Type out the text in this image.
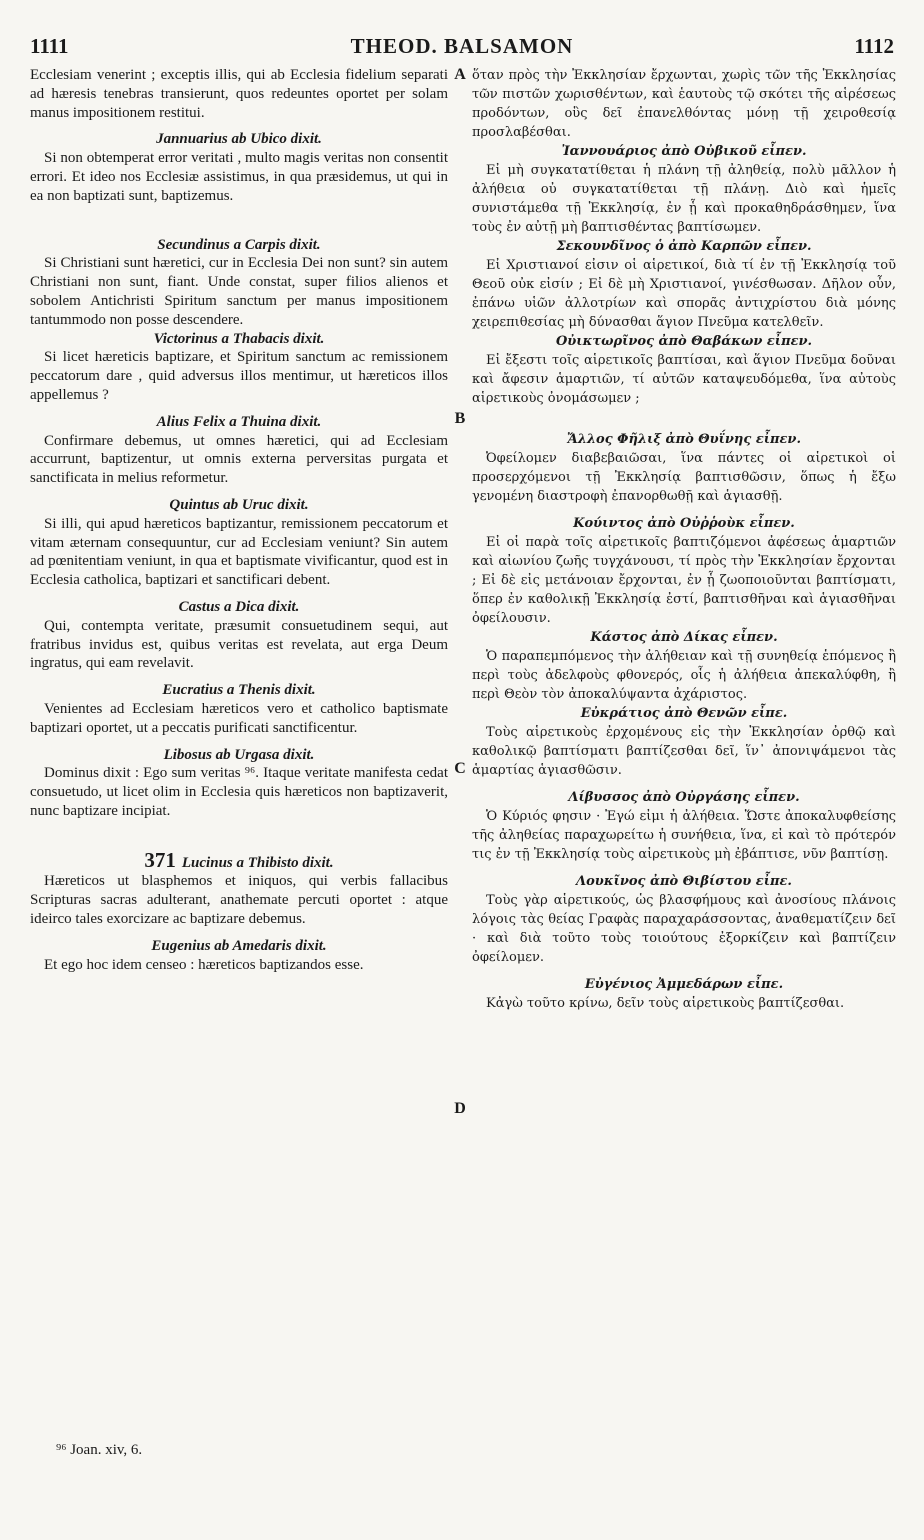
1111	THEOD. BALSAMON	1112
A
B
C
D

Ecclesiam venerint ; exceptis illis, qui ab Ecclesia fidelium separati ad hæresis tenebras transierunt, quos redeuntes oportet per solam manus impositionem restitui.

Jannuarius ab Ubico dixit.

Si non obtemperat error veritati , multo magis veritas non consentit errori. Et ideo nos Ecclesiæ assistimus, in qua præsidemus, ut qui in ea non baptizati sunt, baptizemus.

Secundinus a Carpis dixit.

Si Christiani sunt hæretici, cur in Ecclesia Dei non sunt? sin autem Christiani non sunt, fiant. Unde constat, super filios alienos et sobolem Antichristi Spiritum sanctum per manus impositionem tantummodo non posse descendere.

Victorinus a Thabacis dixit.

Si licet hæreticis baptizare, et Spiritum sanctum ac remissionem peccatorum dare , quid adversus illos mentimur, ut hæreticos illos appellemus ?

Alius Felix a Thuina dixit.

Confirmare debemus, ut omnes hæretici, qui ad Ecclesiam accurrunt, baptizentur, ut omnis externa perversitas purgata et sanctificata in melius reformetur.

Quintus ab Uruc dixit.

Si illi, qui apud hæreticos baptizantur, remissionem peccatorum et vitam æternam consequuntur, cur ad Ecclesiam veniunt? Sin autem ad pœnitentiam veniunt, in qua et baptismate vivificantur, quod est in Ecclesia catholica, baptizari et sanctificari debent.

Castus a Dica dixit.

Qui, contempta veritate, præsumit consuetudinem sequi, aut fratribus invidus est, quibus veritas est revelata, aut erga Deum ingratus, qui eam revelavit.

Eucratius a Thenis dixit.

Venientes ad Ecclesiam hæreticos vero et catholico baptismate baptizari oportet, ut a peccatis purificati sanctificentur.

Libosus ab Urgasa dixit.

Dominus dixit : Ego sum veritas ⁹⁶. Itaque veritate manifesta cedat consuetudo, ut licet olim in Ecclesia quis hæreticos non baptizaverit, nunc baptizare incipiat.

371 Lucinus a Thibisto dixit.

Hæreticos ut blasphemos et iniquos, qui verbis fallacibus Scripturas sacras adulterant, anathemate percuti oportet : atque ideirco tales exorcizare ac baptizare debemus.

Eugenius ab Amedaris dixit.

Et ego hoc idem censeo : hæreticos baptizandos esse.

ὅταν πρὸς τὴν Ἐκκλησίαν ἔρχωνται, χωρὶς τῶν τῆς Ἐκκλησίας τῶν πιστῶν χωρισθέντων, καὶ ἑαυτοὺς τῷ σκότει τῆς αἱρέσεως προδόντων, οὓς δεῖ ἐπανελθόντας μόνῃ τῇ χειροθεσίᾳ προσλαβέσθαι.

Ἰαννουάριος ἀπὸ Οὐβικοῦ εἶπεν.

Εἰ μὴ συγκατατίθεται ἡ πλάνη τῇ ἀληθείᾳ, πολὺ μᾶλλον ἡ ἀλήθεια οὐ συγκατατίθεται τῇ πλάνῃ. Διὸ καὶ ἡμεῖς συνιστάμεθα τῇ Ἐκκλησίᾳ, ἐν ᾗ καὶ προκαθηδράσθημεν, ἵνα τοὺς ἐν αὐτῇ μὴ βαπτισθέντας βαπτίσωμεν.

Σεκουνδῖνος ὁ ἀπὸ Καρπῶν εἶπεν.

Εἰ Χριστιανοί εἰσιν οἱ αἱρετικοί, διὰ τί ἐν τῇ Ἐκκλησίᾳ τοῦ Θεοῦ οὐκ εἰσίν ; Εἰ δὲ μὴ Χριστιανοί, γινέσθωσαν. Δῆλον οὖν, ἐπάνω υἱῶν ἀλλοτρίων καὶ σπορᾶς ἀντιχρίστου διὰ μόνης χειρεπιθεσίας μὴ δύνασθαι ἅγιον Πνεῦμα κατελθεῖν.

Οὐικτωρῖνος ἀπὸ Θαβάκων εἶπεν.

Εἰ ἔξεστι τοῖς αἱρετικοῖς βαπτίσαι, καὶ ἅγιον Πνεῦμα δοῦναι καὶ ἄφεσιν ἁμαρτιῶν, τί αὐτῶν καταψευδόμεθα, ἵνα αὐτοὺς αἱρετικοὺς ὀνομάσωμεν ;

Ἄλλος Φῆλιξ ἀπὸ Θυΐνης εἶπεν.

Ὀφείλομεν διαβεβαιῶσαι, ἵνα πάντες οἱ αἱρετικοὶ οἱ προσερχόμενοι τῇ Ἐκκλησίᾳ βαπτισθῶσιν, ὅπως ἡ ἔξω γενομένη διαστροφὴ ἐπανορθωθῇ καὶ ἁγιασθῇ.

Κούιντος ἀπὸ Οὐῤῥοὺκ εἶπεν.

Εἰ οἱ παρὰ τοῖς αἱρετικοῖς βαπτιζόμενοι ἀφέσεως ἁμαρτιῶν καὶ αἰωνίου ζωῆς τυγχάνουσι, τί πρὸς τὴν Ἐκκλησίαν ἔρχονται ; Εἰ δὲ εἰς μετάνοιαν ἔρχονται, ἐν ᾗ ζωοποιοῦνται βαπτίσματι, ὅπερ ἐν καθολικῇ Ἐκκλησίᾳ ἐστί, βαπτισθῆναι καὶ ἁγιασθῆναι ὀφείλουσιν.

Κάστος ἀπὸ Δίκας εἶπεν.

Ὁ παραπεμπόμενος τὴν ἀλήθειαν καὶ τῇ συνηθείᾳ ἑπόμενος ἢ περὶ τοὺς ἀδελφοὺς φθονερός, οἷς ἡ ἀλήθεια ἀπεκαλύφθη, ἢ περὶ Θεὸν τὸν ἀποκαλύψαντα ἀχάριστος.

Εὐκράτιος ἀπὸ Θενῶν εἶπε.

Τοὺς αἱρετικοὺς ἐρχομένους εἰς τὴν Ἐκκλησίαν ὀρθῷ καὶ καθολικῷ βαπτίσματι βαπτίζεσθαι δεῖ, ἵν᾿ ἀπονιψάμενοι τὰς ἁμαρτίας ἁγιασθῶσιν.

Λίβυσσος ἀπὸ Οὐργάσης εἶπεν.

Ὁ Κύριός φησιν · Ἐγώ εἰμι ἡ ἀλήθεια. Ὥστε ἀποκαλυφθείσης τῆς ἀληθείας παραχωρείτω ἡ συνήθεια, ἵνα, εἰ καὶ τὸ πρότερόν τις ἐν τῇ Ἐκκλησίᾳ τοὺς αἱρετικοὺς μὴ ἐβάπτισε, νῦν βαπτίσῃ.

Λουκῖνος ἀπὸ Θιβίστου εἶπε.

Τοὺς γὰρ αἱρετικούς, ὡς βλασφήμους καὶ ἀνοσίους πλάνοις λόγοις τὰς θείας Γραφὰς παραχαράσσοντας, ἀναθεματίζειν δεῖ · καὶ διὰ τοῦτο τοὺς τοιούτους ἐξορκίζειν καὶ βαπτίζειν ὀφείλομεν.

Εὐγένιος Ἀμμεδάρων εἶπε.

Κἀγὼ τοῦτο κρίνω, δεῖν τοὺς αἱρετικοὺς βαπτίζεσθαι.

⁹⁶ Joan. xiv, 6.
